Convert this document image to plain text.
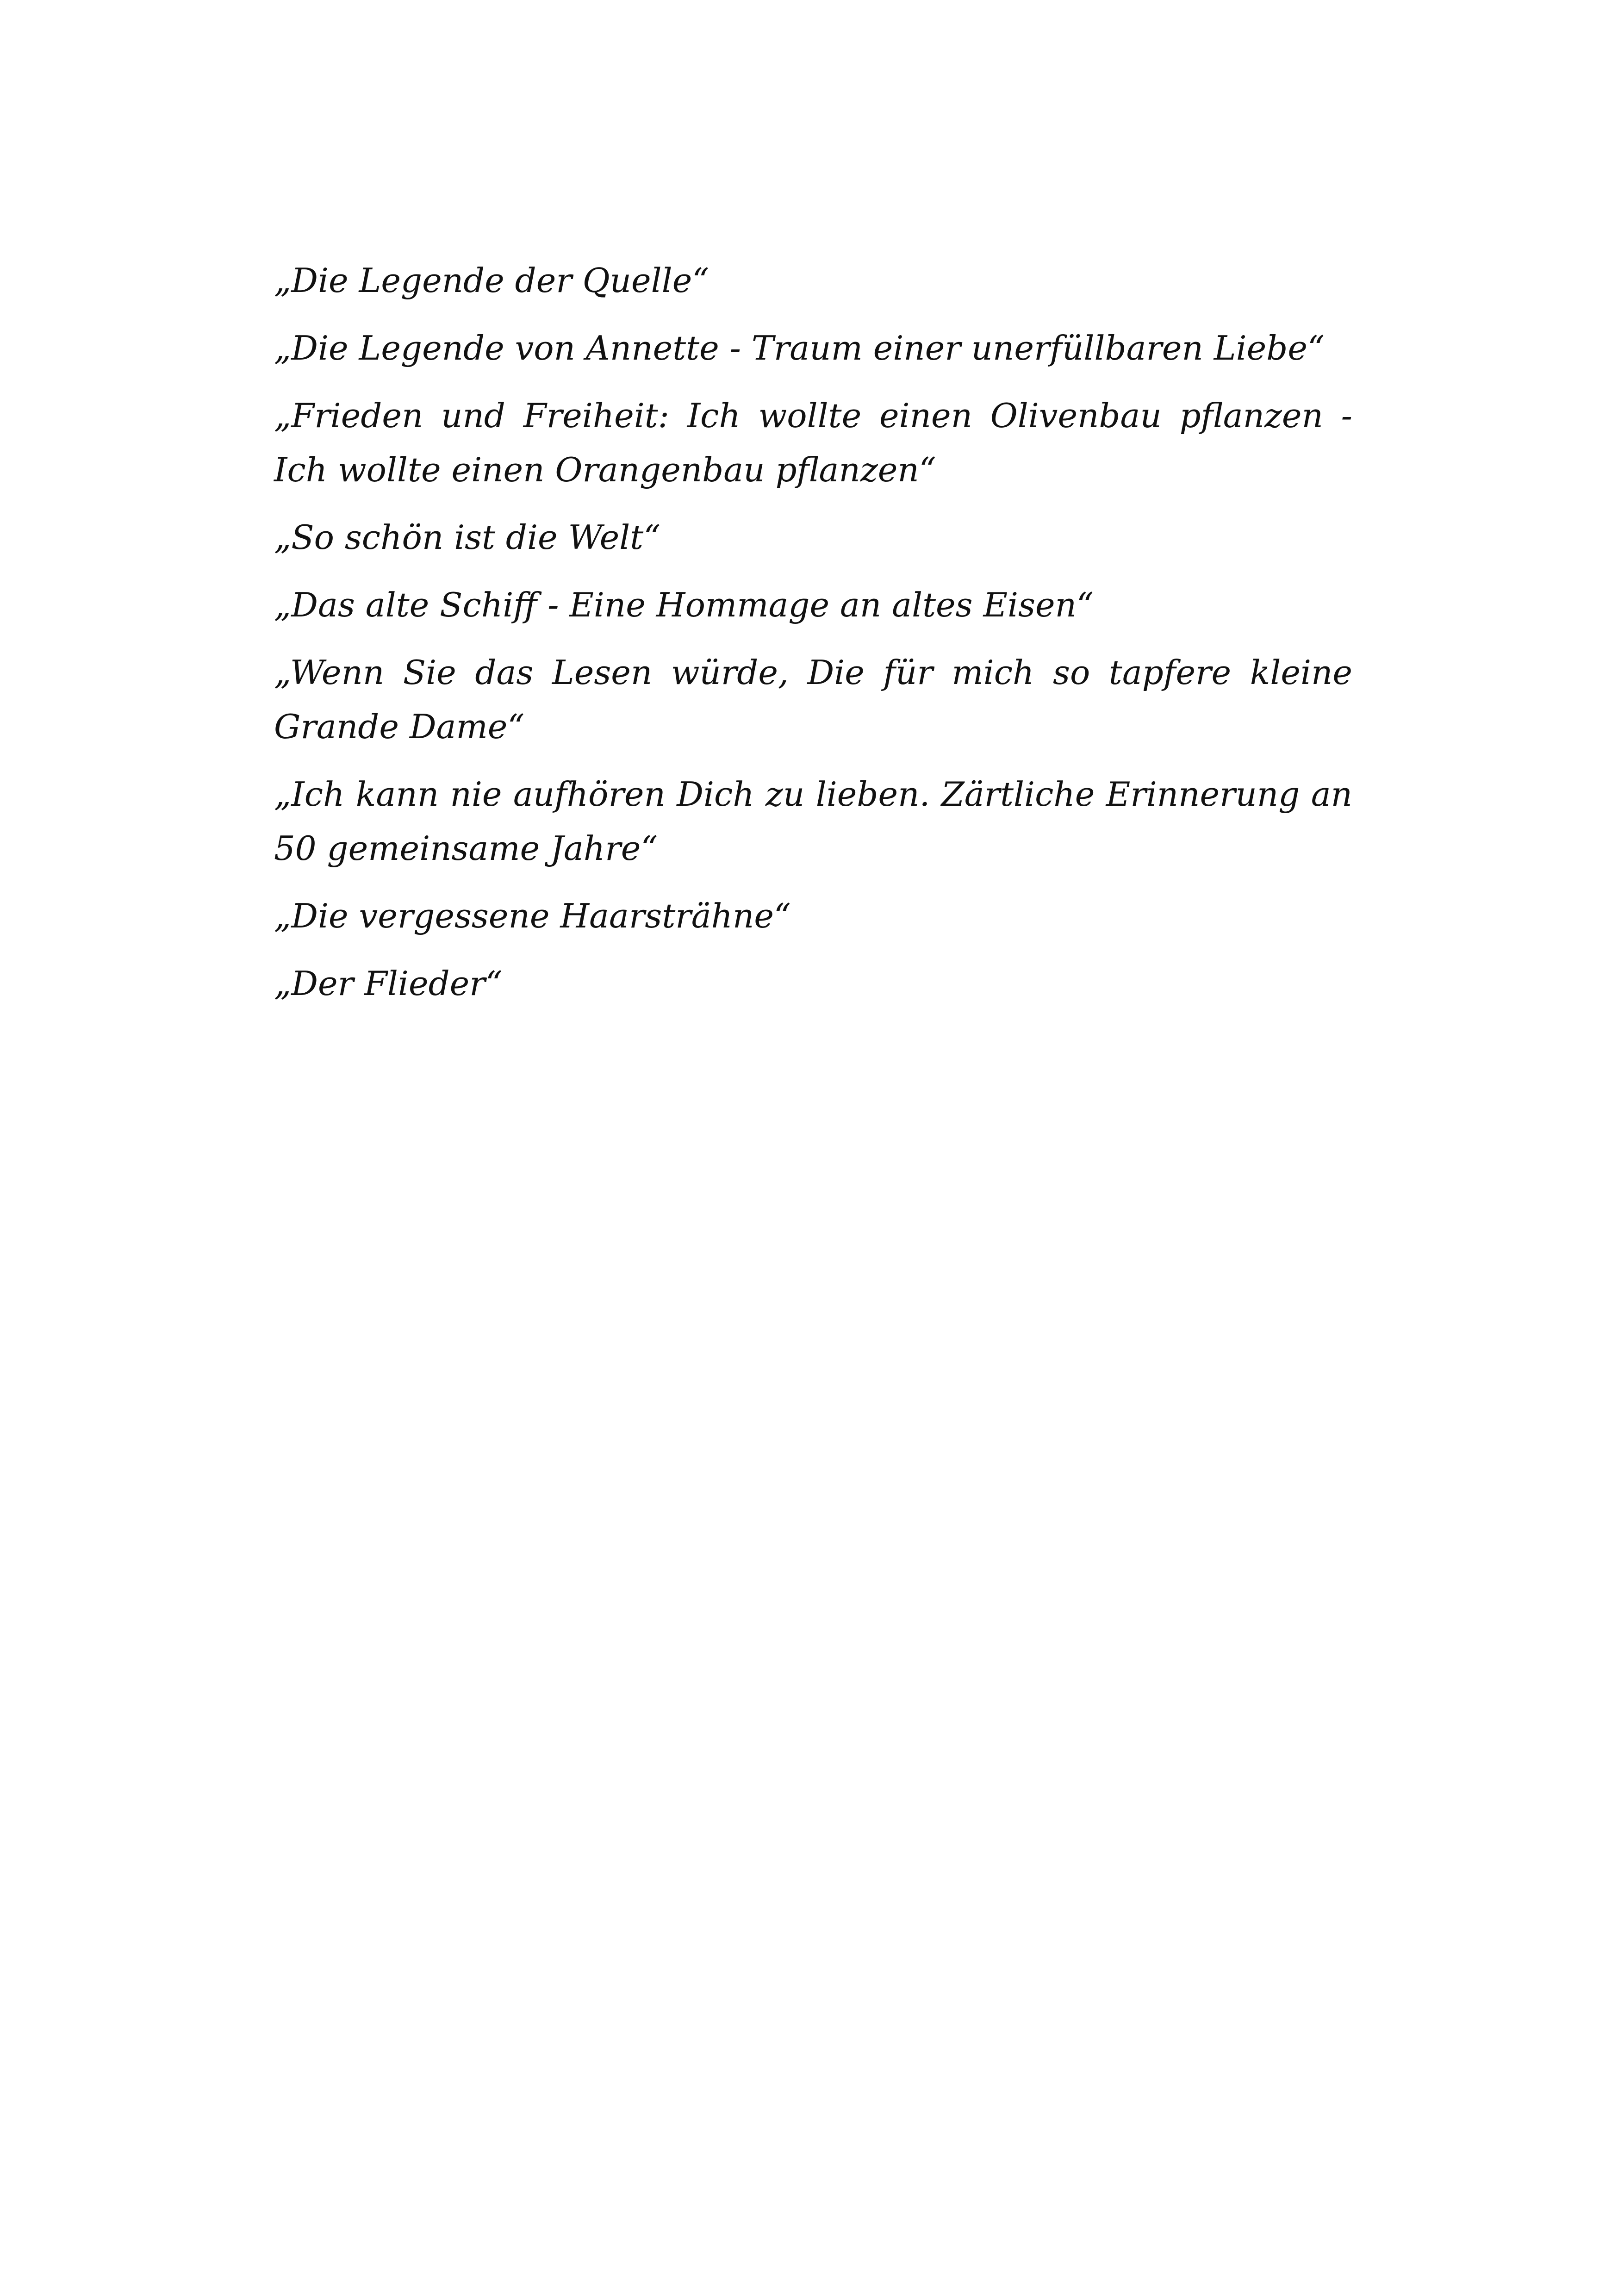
„Die Legende der Quelle“
„Die Legende von Annette - Traum einer unerfüllbaren Liebe“
„Frieden und Freiheit: Ich wollte einen Olivenbau pflanzen - Ich wollte einen Orangenbau pflanzen“
„So schön ist die Welt“
„Das alte Schiff - Eine Hommage an altes Eisen“
„Wenn Sie das Lesen würde, Die für mich so tapfere kleine Grande Dame“
„Ich kann nie aufhören Dich zu lieben. Zärtliche Erinnerung an 50 gemeinsame Jahre“
„Die vergessene Haarsträhne“
„Der Flieder“
